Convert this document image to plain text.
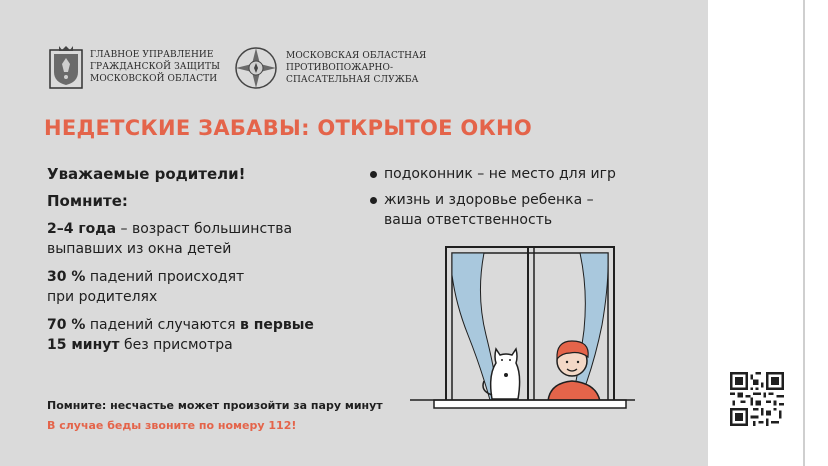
ГЛАВНОЕ УПРАВЛЕНИЕ
ГРАЖДАНСКОЙ ЗАЩИТЫ
МОСКОВСКОЙ ОБЛАСТИ
МОСКОВСКАЯ ОБЛАСТНАЯ
ПРОТИВОПОЖАРНО-
СПАСАТЕЛЬНАЯ СЛУЖБА
НЕДЕТСКИЕ ЗАБАВЫ: ОТКРЫТОЕ ОКНО
Уважаемые родители!
Помните:
2–4 года – возраст большинства
выпавших из окна детей
30 % падений происходят
при родителях
70 % падений случаются в первые
15 минут без присмотра
подоконник – не место для игр
жизнь и здоровье ребенка –
ваша ответственность
Помните: несчастье может произойти за пару минут
В случае беды звоните по номеру 112!
